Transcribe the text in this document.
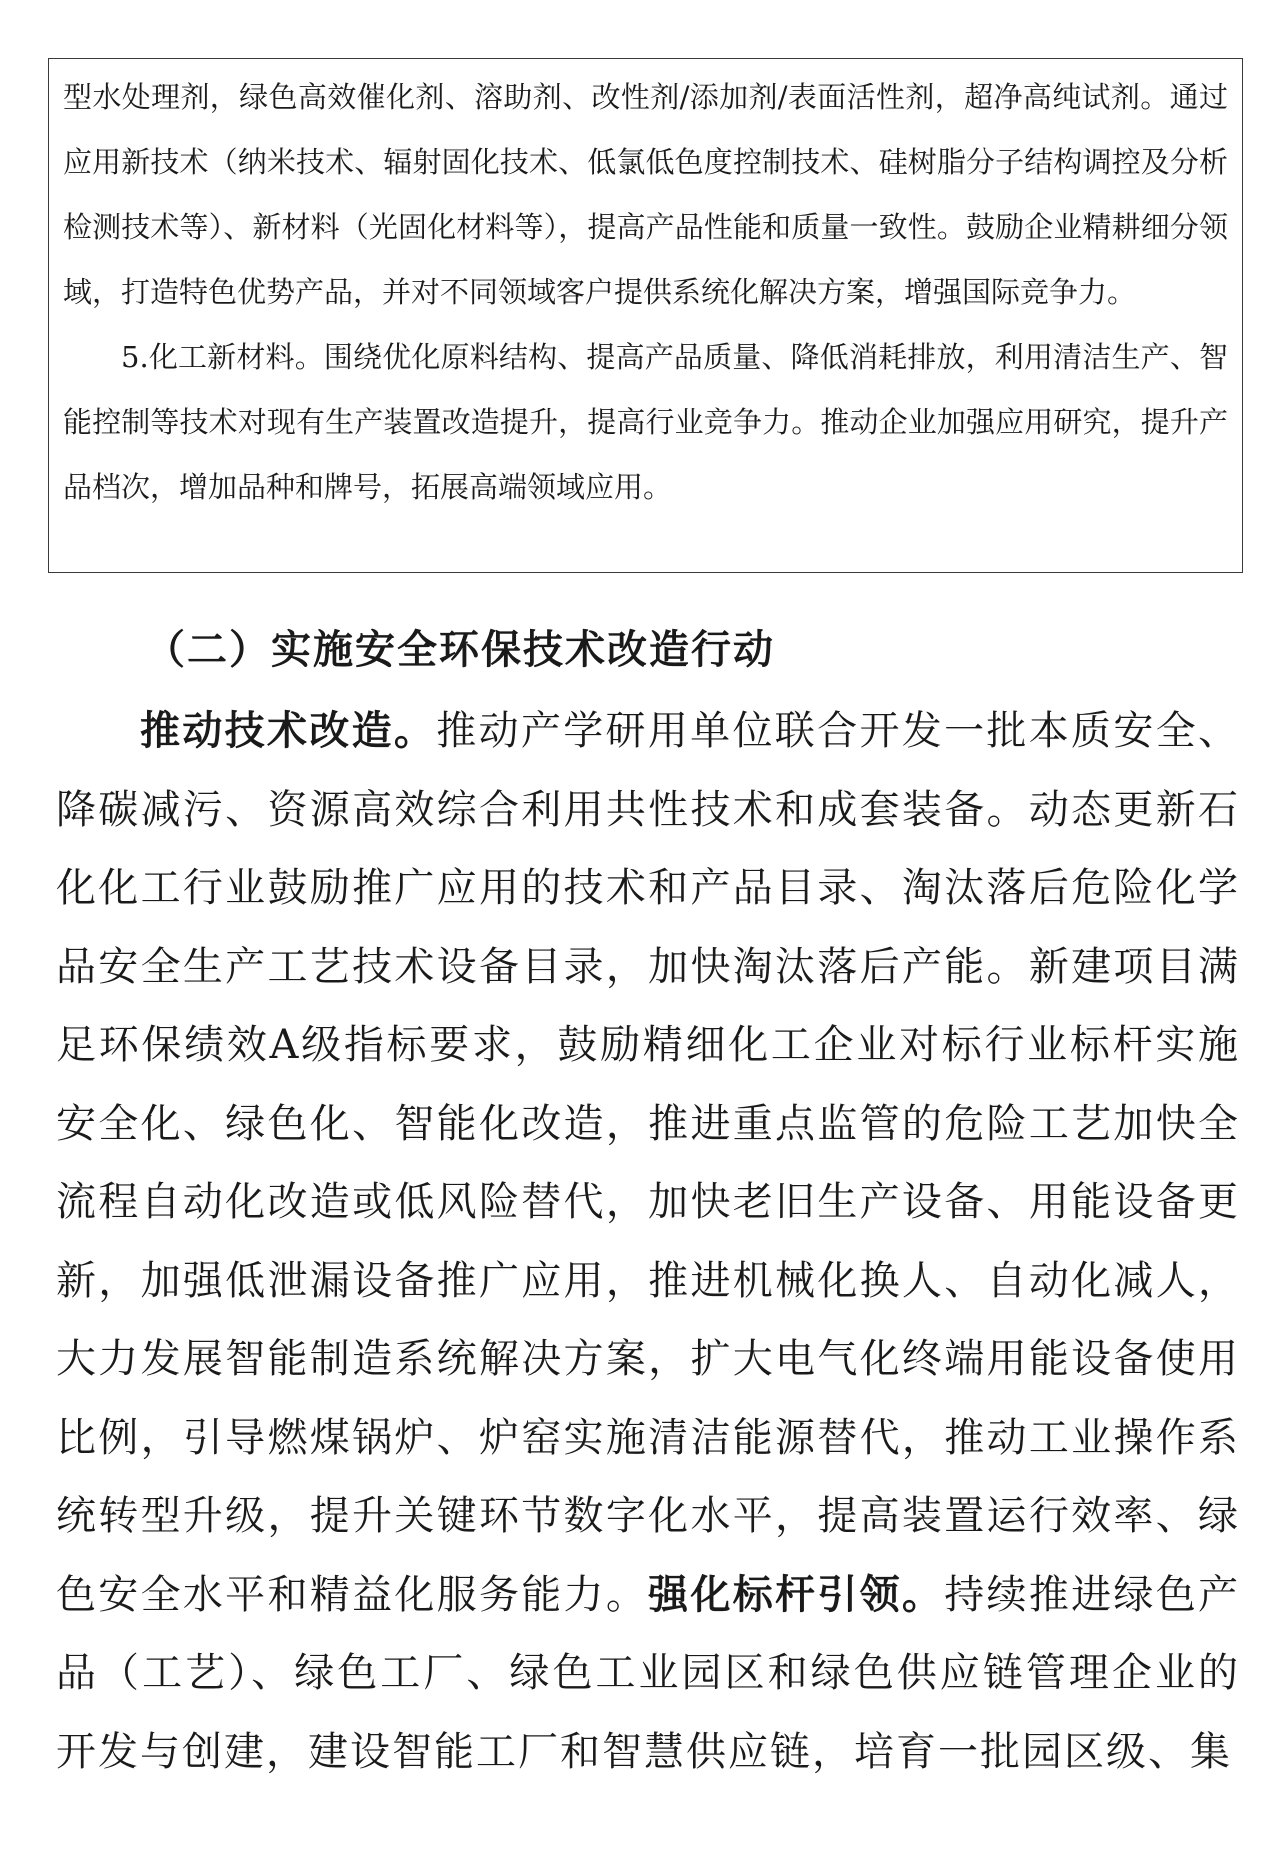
型水处理剂，绿色高效催化剂、溶助剂、改性剂/添加剂/表面活性剂，超净高纯试剂。通过应用新技术（纳米技术、辐射固化技术、低氯低色度控制技术、硅树脂分子结构调控及分析检测技术等）、新材料（光固化材料等），提高产品性能和质量一致性。鼓励企业精耕细分领域，打造特色优势产品，并对不同领域客户提供系统化解决方案，增强国际竞争力。

5.化工新材料。围绕优化原料结构、提高产品质量、降低消耗排放，利用清洁生产、智能控制等技术对现有生产装置改造提升，提高行业竞争力。推动企业加强应用研究，提升产品档次，增加品种和牌号，拓展高端领域应用。

（二）实施安全环保技术改造行动
推动技术改造。推动产学研用单位联合开发一批本质安全、降碳减污、资源高效综合利用共性技术和成套装备。动态更新石化化工行业鼓励推广应用的技术和产品目录、淘汰落后危险化学品安全生产工艺技术设备目录，加快淘汰落后产能。新建项目满足环保绩效A级指标要求，鼓励精细化工企业对标行业标杆实施安全化、绿色化、智能化改造，推进重点监管的危险工艺加快全流程自动化改造或低风险替代，加快老旧生产设备、用能设备更新，加强低泄漏设备推广应用，推进机械化换人、自动化减人，大力发展智能制造系统解决方案，扩大电气化终端用能设备使用比例，引导燃煤锅炉、炉窑实施清洁能源替代，推动工业操作系统转型升级，提升关键环节数字化水平，提高装置运行效率、绿色安全水平和精益化服务能力。强化标杆引领。持续推进绿色产品（工艺）、绿色工厂、绿色工业园区和绿色供应链管理企业的开发与创建，建设智能工厂和智慧供应链，培育一批园区级、集
